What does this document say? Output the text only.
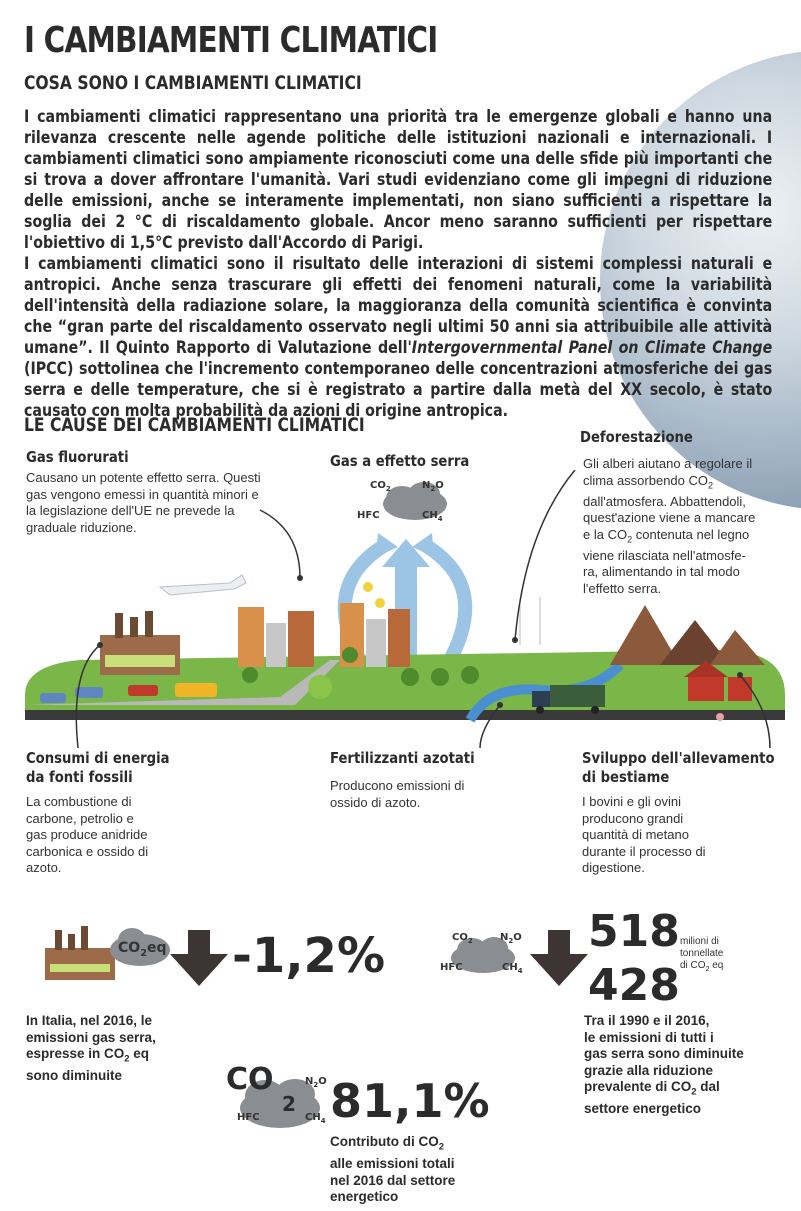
I CAMBIAMENTI CLIMATICI
COSA SONO I CAMBIAMENTI CLIMATICI

I cambiamenti climatici rappresentano una priorità tra le emergenze globali e hanno una rilevanza crescente nelle agende politiche delle istituzioni nazionali e internazionali. I cambiamenti climatici sono ampiamente riconosciuti come una delle sfide più importanti che si trova a dover affrontare l'umanità. Vari studi evidenziano come gli impegni di riduzione delle emissioni, anche se interamente implementati, non siano sufficienti a rispettare la soglia dei 2 °C di riscaldamento globale. Ancor meno saranno sufficienti per rispettare l'obiettivo di 1,5°C previsto dall'Accordo di Parigi.

I cambiamenti climatici sono il risultato delle interazioni di sistemi complessi naturali e antropici. Anche senza trascurare gli effetti dei fenomeni naturali, come la variabilità dell'intensità della radiazione solare, la maggioranza della comunità scientifica è convinta che “gran parte del riscaldamento osservato negli ultimi 50 anni sia attribuibile alle attività umane”. Il Quinto Rapporto di Valutazione dell'Intergovernmental Panel on Climate Change (IPCC) sottolinea che l'incremento contemporaneo delle concentrazioni atmosferiche dei gas serra e delle temperature, che si è registrato a partire dalla metà del XX secolo, è stato causato con molta probabilità da azioni di origine antropica.

LE CAUSE DEI CAMBIAMENTI CLIMATICI
Gas fluorurati
Causano un potente effetto serra. Questi gas vengono emessi in quantità minori e la legislazione dell'UE ne prevede la graduale riduzione.
Gas a effetto serra
Deforestazione
Gli alberi aiutano a regolare il
clima assorbendo $CO_2$
dall'atmosfera. Abbattendoli,
quest'azione viene a mancare
e la $CO_2$ contenuta nel legno
viene rilasciata nell'atmosfe-
ra, alimentando in tal modo
l'effetto serra.
$CO_2$	$N_2O$
HFC	$CH_4$
Consumi di energia
da fonti fossili
La combustione di carbone, petrolio e gas produce anidride carbonica e ossido di azoto.
Fertilizzanti azotati
Producono emissioni di ossido di azoto.
Sviluppo dell'allevamento
di bestiame
I bovini e gli ovini producono grandi quantità di metano durante il processo di digestione.
$CO_2eq$ -1,2%
In Italia, nel 2016, le
emissioni gas serra,
espresse in $CO_2$ eq
sono diminuite
$CO_2$	$N_2O$
HFC	$CH_4$
518
428
milioni di
tonnellate
di $CO_2$ eq
Tra il 1990 e il 2016,
le emissioni di tutti i
gas serra sono diminuite
grazie alla riduzione
prevalente di $CO_2$ dal
settore energetico
CO
2
$N_2O$
HFC	$CH_4$ 81,1%
Contributo di $CO_2$
alle emissioni totali
nel 2016 dal settore
energetico
